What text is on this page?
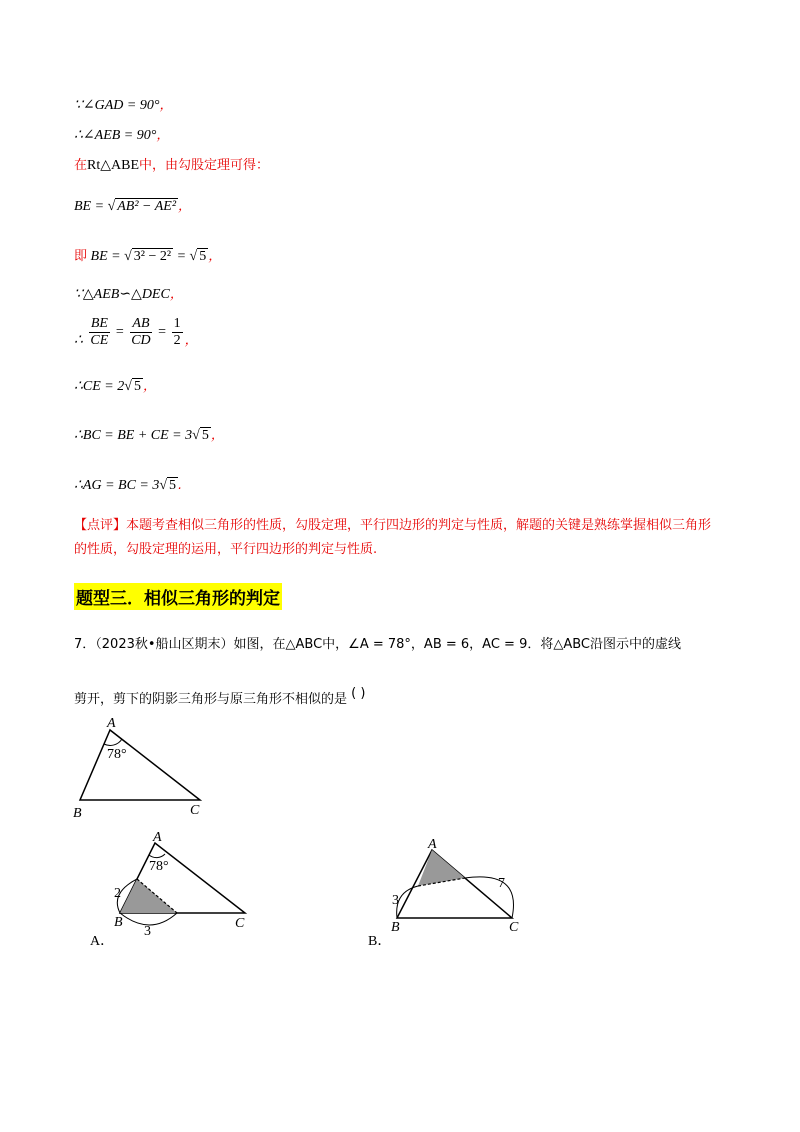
∵∠GAD = 90°，
∴∠AEB = 90°，
在Rt△ABE中，由勾股定理可得：
BE = √ AB² − AE² ，
即 BE = √ 3² − 2² = √ 5 ，
∵△AEB∽△DEC，
∴ $\frac{BE}{CE} = \frac{AB}{CD} = \frac{1}{2}$ ，
∴CE = 2√ 5 ，
∴BC = BE + CE = 3√ 5 ，
∴AG = BC = 3√ 5 .
【点评】本题考查相似三角形的性质，勾股定理，平行四边形的判定与性质，解题的关键是熟练掌握相似三角形的性质，勾股定理的运用，平行四边形的判定与性质.
题型三．相似三角形的判定
7．（2023秋•船山区期末）如图，在△ABC中，∠A = 78°，AB = 6，AC = 9．将△ABC沿图示中的虚线
剪开，剪下的阴影三角形与原三角形不相似的是 ( )
A
B	C
78°
A
B	C
78°
2
3
A．
A
B	C
3
7
B．
